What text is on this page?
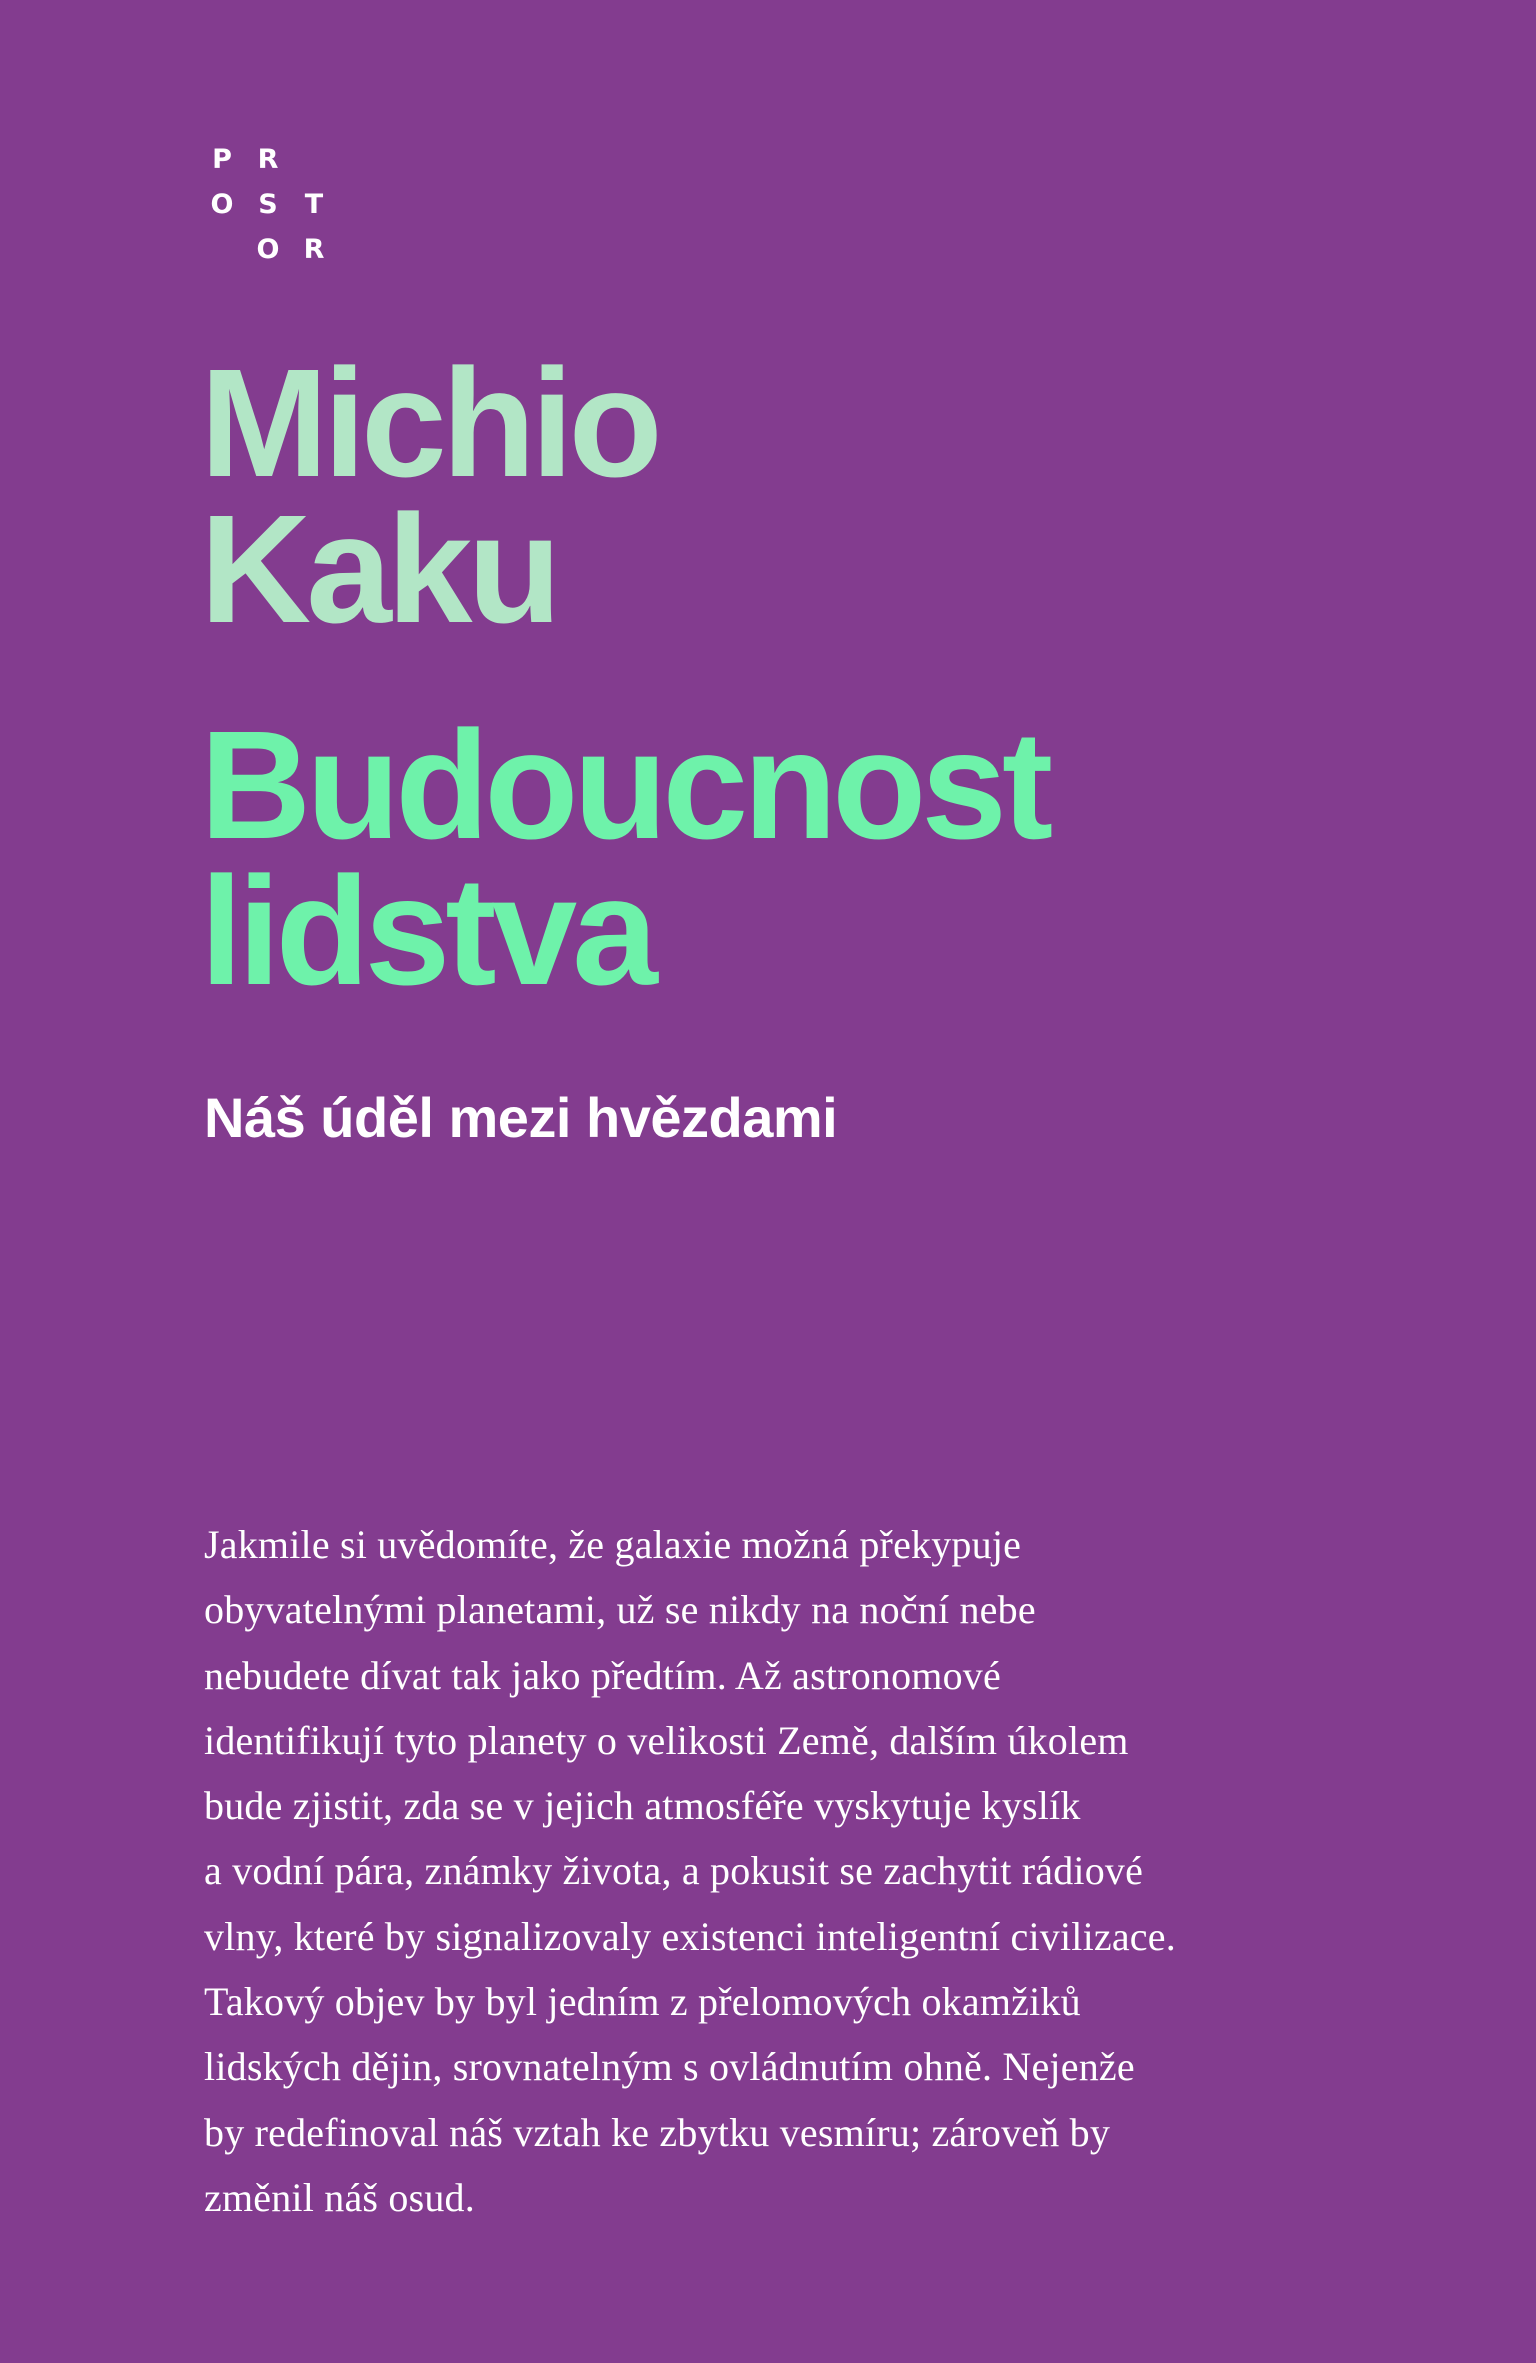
P R
O S	T
O R
Michio
Kaku
Budoucnost
lidstva

Náš úděl mezi hvězdami

Jakmile si uvědomíte, že galaxie možná překypuje
obyvatelnými planetami, už se nikdy na noční nebe
nebudete dívat tak jako předtím. Až astronomové
identifikují tyto planety o velikosti Země, dalším úkolem
bude zjistit, zda se v jejich atmosféře vyskytuje kyslík
a vodní pára, známky života, a pokusit se zachytit rádiové
vlny, které by signalizovaly existenci inteligentní civilizace.
Takový objev by byl jedním z přelomových okamžiků
lidských dějin, srovnatelným s ovládnutím ohně. Nejenže
by redefinoval náš vztah ke zbytku vesmíru; zároveň by
změnil náš osud.
